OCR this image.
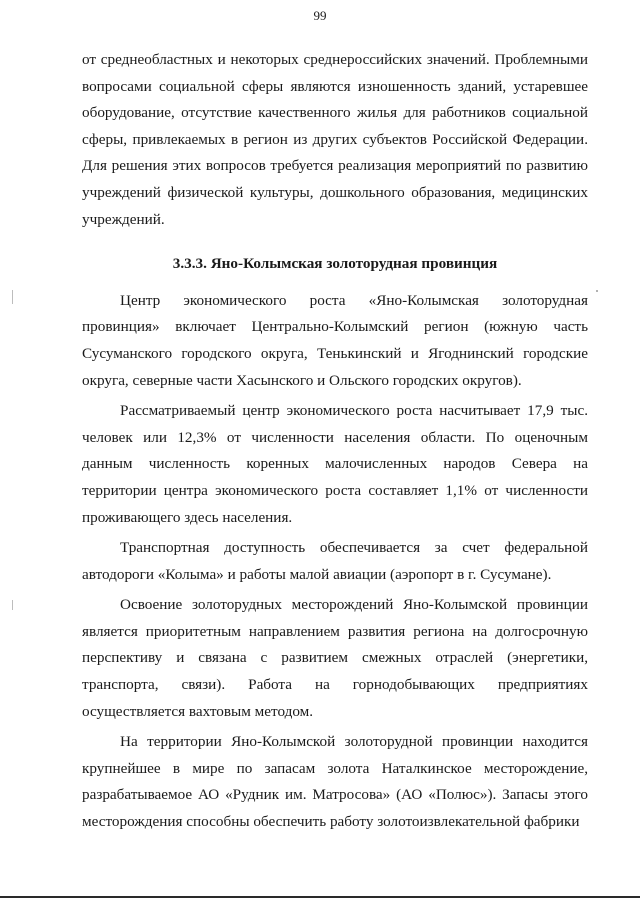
99

от среднеобластных и некоторых среднероссийских значений. Проблемными вопросами социальной сферы являются изношенность зданий, устаревшее оборудование, отсутствие качественного жилья для работников социальной сферы, привлекаемых в регион из других субъектов Российской Федерации. Для решения этих вопросов требуется реализация мероприятий по развитию учреждений физической культуры, дошкольного образования, медицинских учреждений.

3.3.3. Яно-Колымская золоторудная провинция

Центр экономического роста «Яно-Колымская золоторудная провинция» включает Центрально-Колымский регион (южную часть Сусуманского городского округа, Тенькинский и Ягоднинский городские округа, северные части Хасынского и Ольского городских округов).

Рассматриваемый центр экономического роста насчитывает 17,9 тыс. человек или 12,3% от численности населения области. По оценочным данным численность коренных малочисленных народов Севера на территории центра экономического роста составляет 1,1% от численности проживающего здесь населения.

Транспортная доступность обеспечивается за счет федеральной автодороги «Колыма» и работы малой авиации (аэропорт в г. Сусумане).

Освоение золоторудных месторождений Яно-Колымской провинции является приоритетным направлением развития региона на долгосрочную перспективу и связана с развитием смежных отраслей (энергетики, транспорта, связи). Работа на горнодобывающих предприятиях осуществляется вахтовым методом.

На территории Яно-Колымской золоторудной провинции находится крупнейшее в мире по запасам золота Наталкинское месторождение, разрабатываемое АО «Рудник им. Матросова» (АО «Полюс»). Запасы этого месторождения способны обеспечить работу золотоизвлекательной фабрики
